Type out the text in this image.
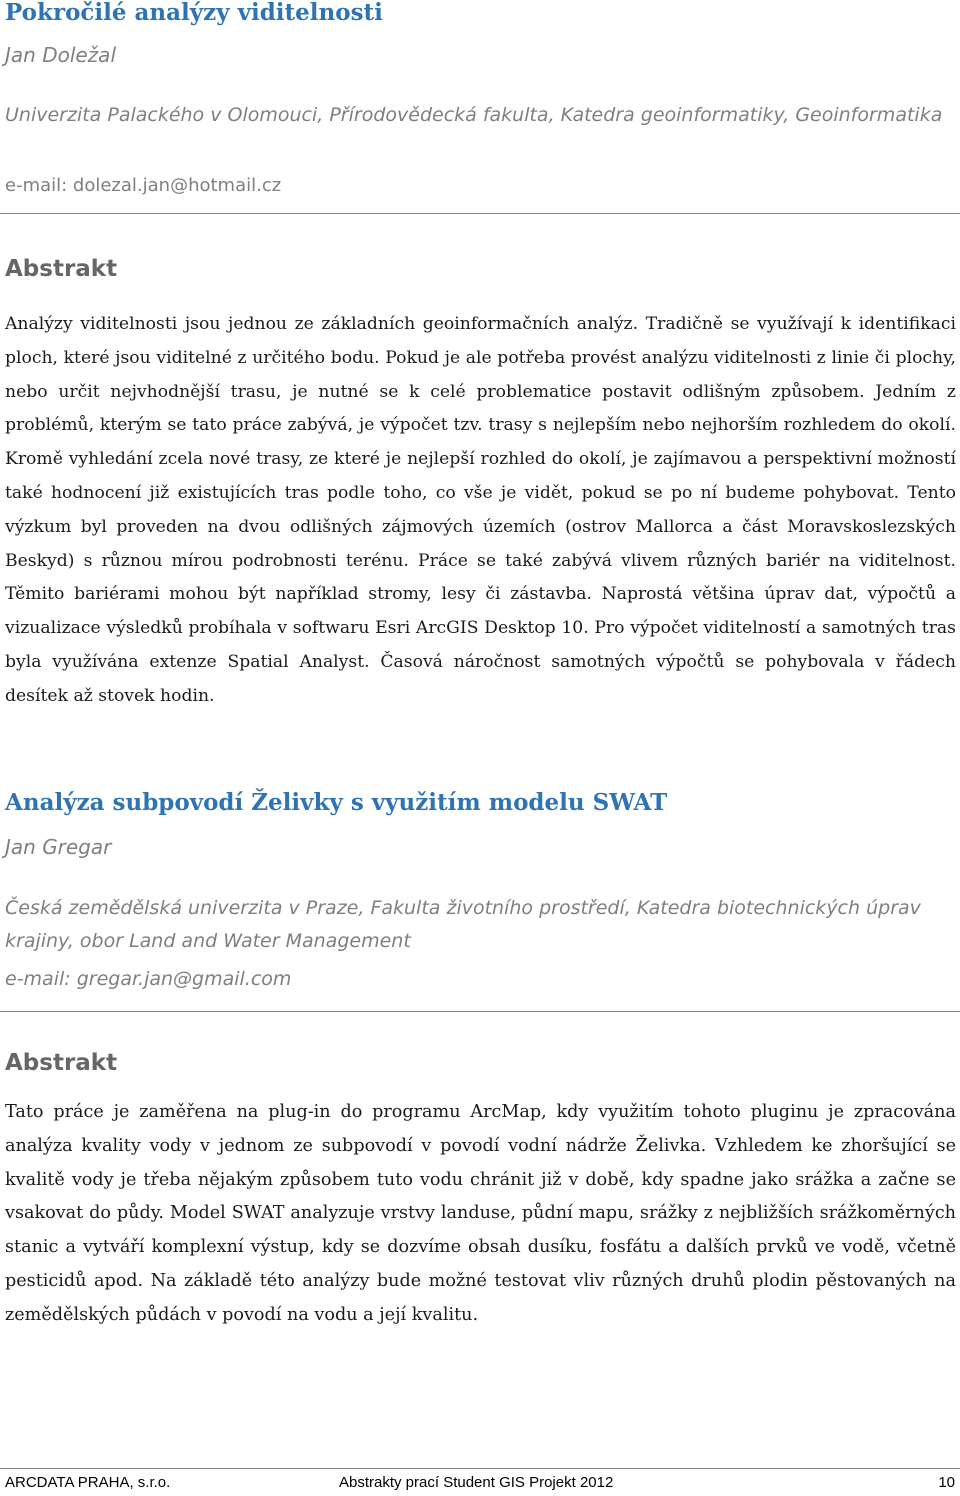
Pokročilé analýzy viditelnosti

Jan Doležal

Univerzita Palackého v Olomouci, Přírodovědecká fakulta, Katedra geoinformatiky, Geoinformatika

e-mail: dolezal.jan@hotmail.cz

Abstrakt

Analýzy viditelnosti jsou jednou ze základních geoinformačních analýz. Tradičně se využívají k identifikaci ploch, které jsou viditelné z určitého bodu. Pokud je ale potřeba provést analýzu viditelnosti z linie či plochy, nebo určit nejvhodnější trasu, je nutné se k celé problematice postavit odlišným způsobem. Jedním z problémů, kterým se tato práce zabývá, je výpočet tzv. trasy s nejlepším nebo nejhorším rozhledem do okolí. Kromě vyhledání zcela nové trasy, ze které je nejlepší rozhled do okolí, je zajímavou a perspektivní možností také hodnocení již existujících tras podle toho, co vše je vidět, pokud se po ní budeme pohybovat. Tento výzkum byl proveden na dvou odlišných zájmových územích (ostrov Mallorca a část Moravskoslezských Beskyd) s různou mírou podrobnosti terénu. Práce se také zabývá vlivem různých bariér na viditelnost. Těmito bariérami mohou být například stromy, lesy či zástavba. Naprostá většina úprav dat, výpočtů a vizualizace výsledků probíhala v softwaru Esri ArcGIS Desktop 10. Pro výpočet viditelností a samotných tras byla využívána extenze Spatial Analyst. Časová náročnost samotných výpočtů se pohybovala v řádech desítek až stovek hodin.

Analýza subpovodí Želivky s využitím modelu SWAT

Jan Gregar

Česká zemědělská univerzita v Praze, Fakulta životního prostředí, Katedra biotechnických úprav krajiny, obor Land and Water Management

e-mail: gregar.jan@gmail.com

Abstrakt

Tato práce je zaměřena na plug-in do programu ArcMap, kdy využitím tohoto pluginu je zpracována analýza kvality vody v jednom ze subpovodí v povodí vodní nádrže Želivka. Vzhledem ke zhoršující se kvalitě vody je třeba nějakým způsobem tuto vodu chránit již v době, kdy spadne jako srážka a začne se vsakovat do půdy. Model SWAT analyzuje vrstvy landuse, půdní mapu, srážky z nejbližších srážkoměrných stanic a vytváří komplexní výstup, kdy se dozvíme obsah dusíku, fosfátu a dalších prvků ve vodě, včetně pesticidů apod. Na základě této analýzy bude možné testovat vliv různých druhů plodin pěstovaných na zemědělských půdách v povodí na vodu a její kvalitu.

ARCDATA PRAHA, s.r.o.	Abstrakty prací Student GIS Projekt 2012	10
